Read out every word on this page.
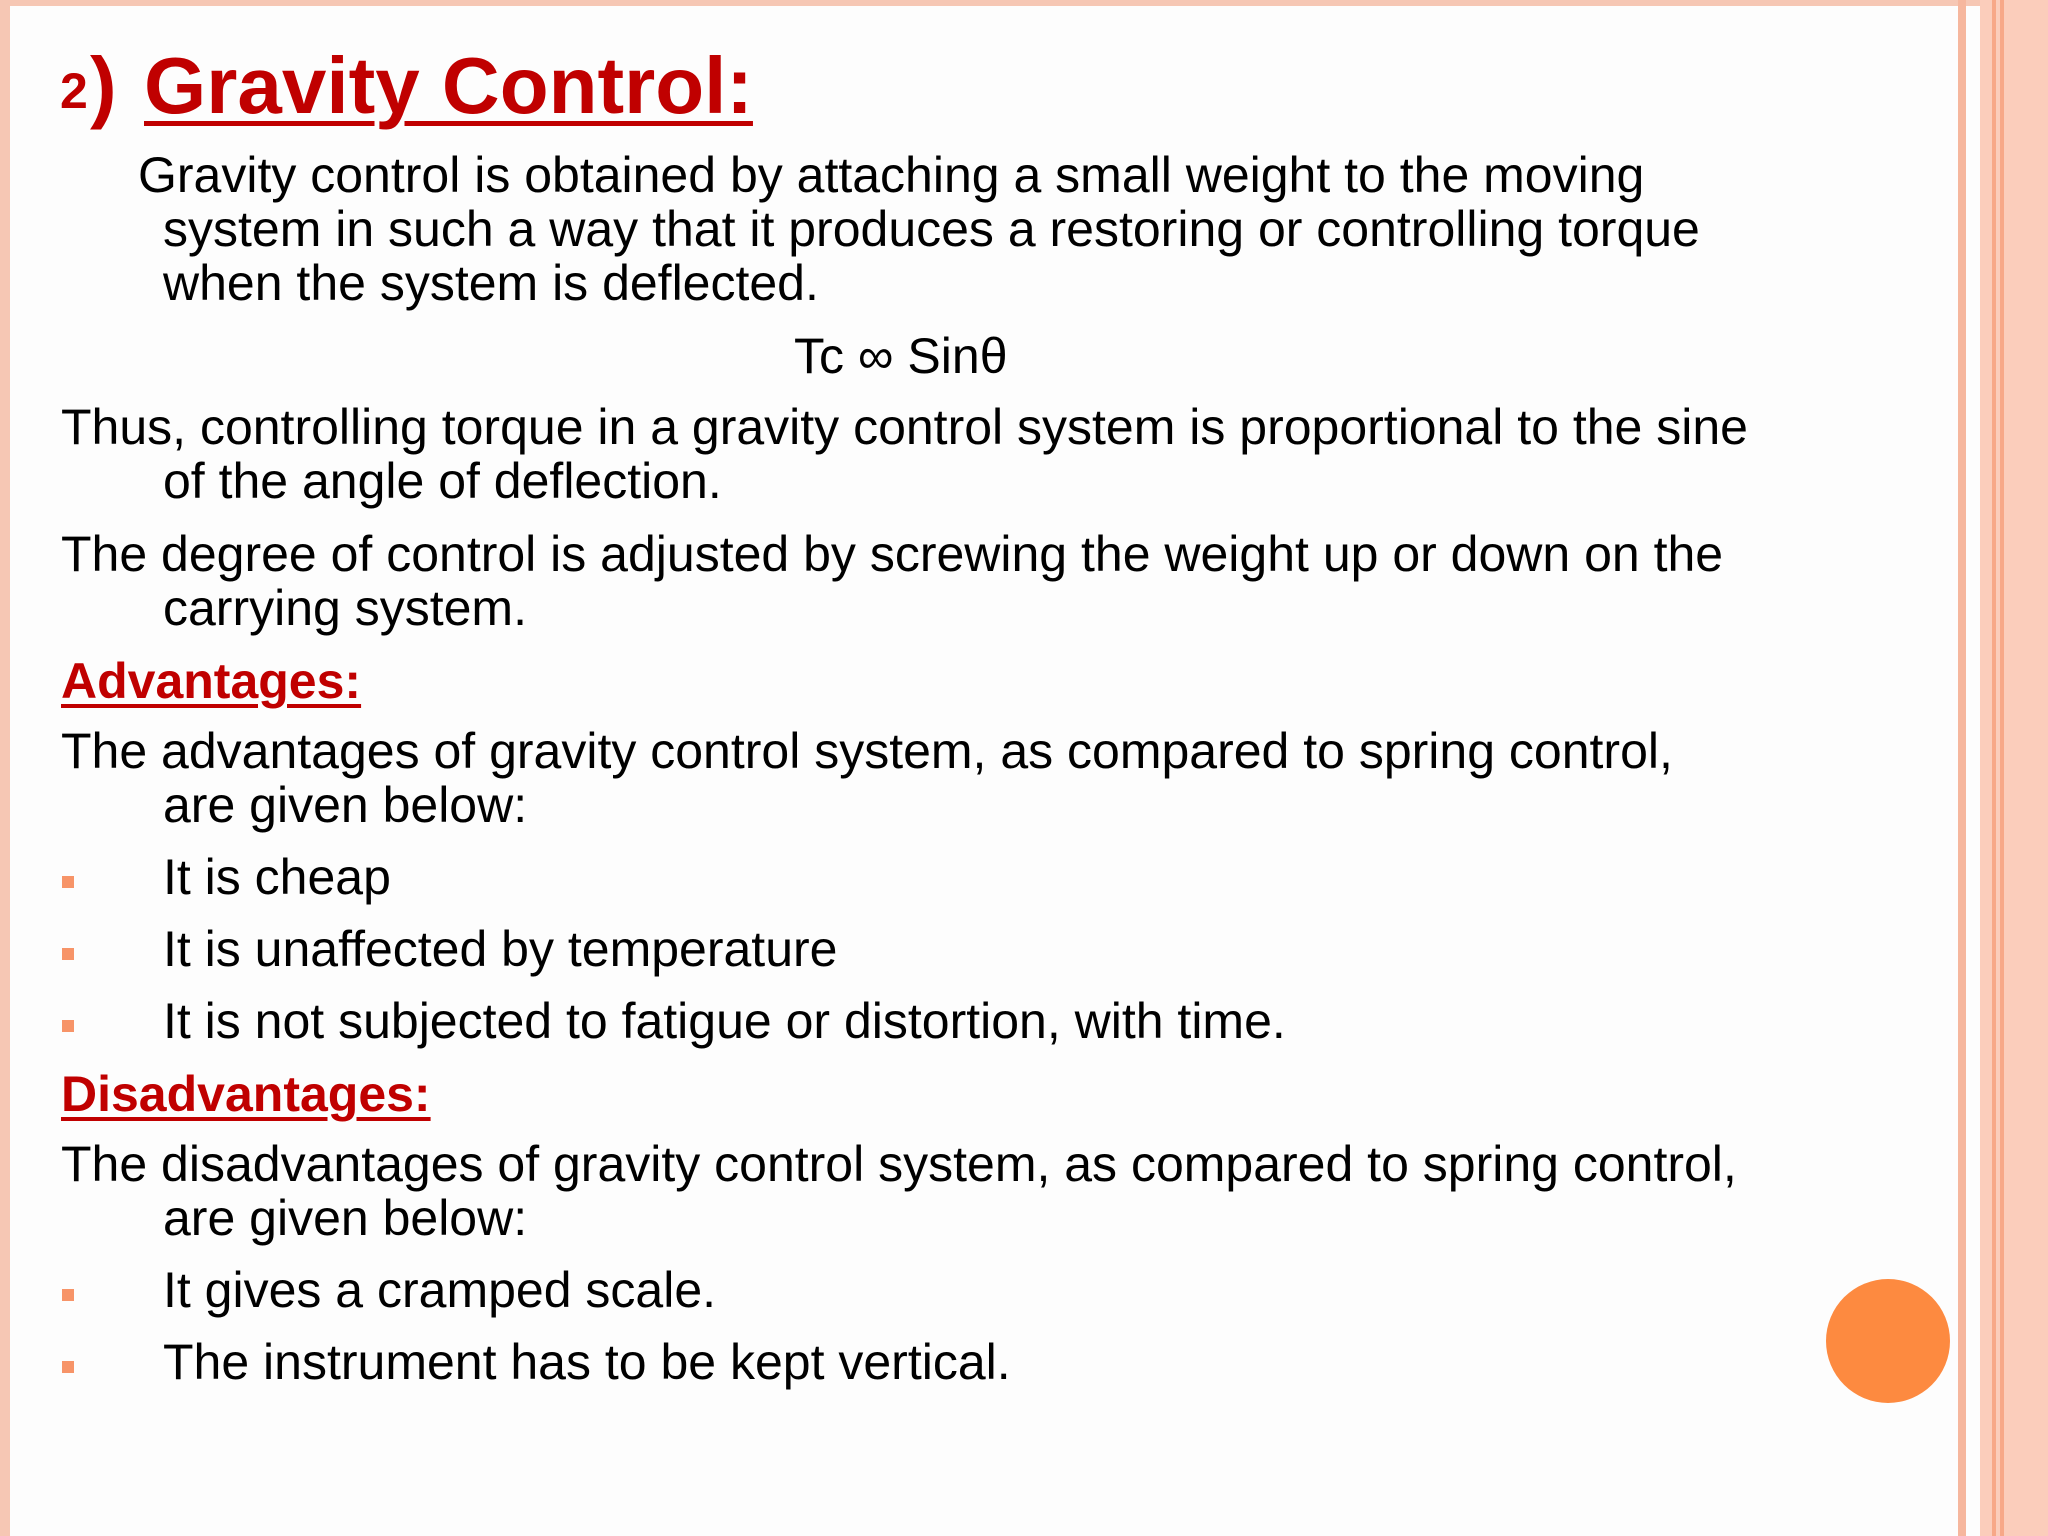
2 ) Gravity Control:
Gravity control is obtained by attaching a small weight to the moving
system in such a way that it produces a restoring or controlling torque
when the system is deflected.
Tc ∞ Sinθ
Thus, controlling torque in a gravity control system is proportional to the sine
of the angle of deflection.
The degree of control is adjusted by screwing the weight up or down on the
carrying system.
Advantages:
The advantages of gravity control system, as compared to spring control,
are given below:
It is cheap
It is unaffected by temperature
It is not subjected to fatigue or distortion, with time.
Disadvantages:
The disadvantages of gravity control system, as compared to spring control,
are given below:
It gives a cramped scale.
The instrument has to be kept vertical.
